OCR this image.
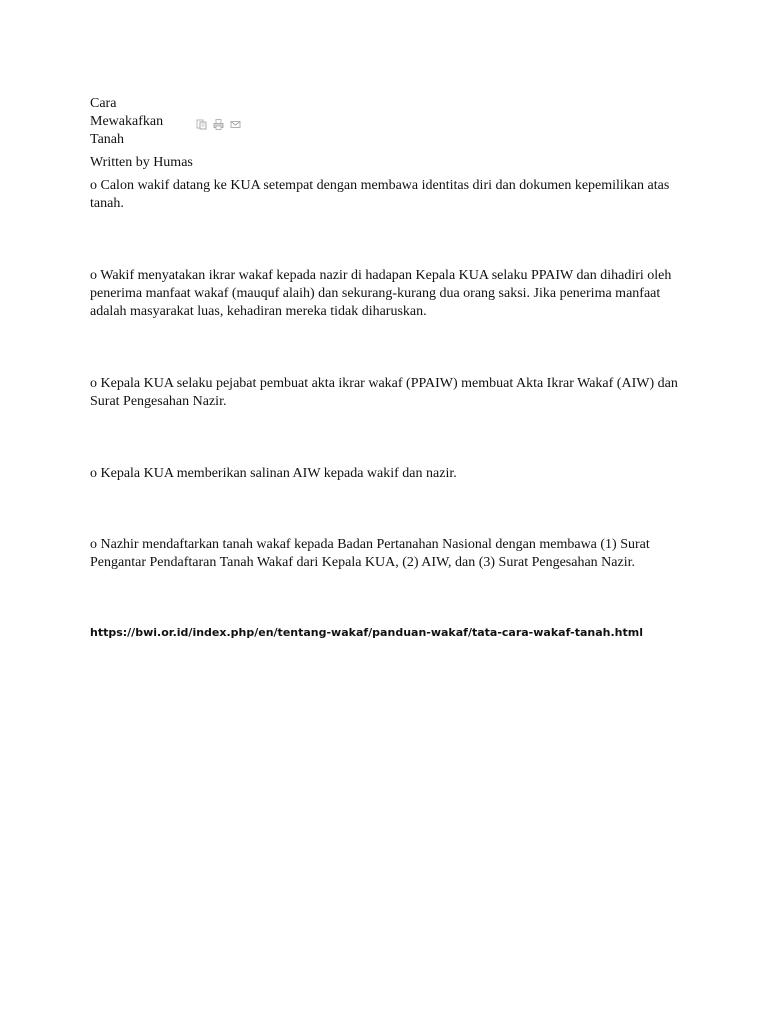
Cara
Mewakafkan
Tanah
Written by Humas

o Calon wakif datang ke KUA setempat dengan membawa identitas diri dan dokumen kepemilikan atas tanah.

o Wakif menyatakan ikrar wakaf kepada nazir di hadapan Kepala KUA selaku PPAIW dan dihadiri oleh penerima manfaat wakaf (mauquf alaih) dan sekurang-kurang dua orang saksi. Jika penerima manfaat adalah masyarakat luas, kehadiran mereka tidak diharuskan.

o Kepala KUA selaku pejabat pembuat akta ikrar wakaf (PPAIW) membuat Akta Ikrar Wakaf (AIW) dan Surat Pengesahan Nazir.

o Kepala KUA memberikan salinan AIW kepada wakif dan nazir.

o Nazhir mendaftarkan tanah wakaf kepada Badan Pertanahan Nasional dengan membawa (1) Surat Pengantar Pendaftaran Tanah Wakaf dari Kepala KUA, (2) AIW, dan (3) Surat Pengesahan Nazir.

https://bwi.or.id/index.php/en/tentang-wakaf/panduan-wakaf/tata-cara-wakaf-tanah.html
